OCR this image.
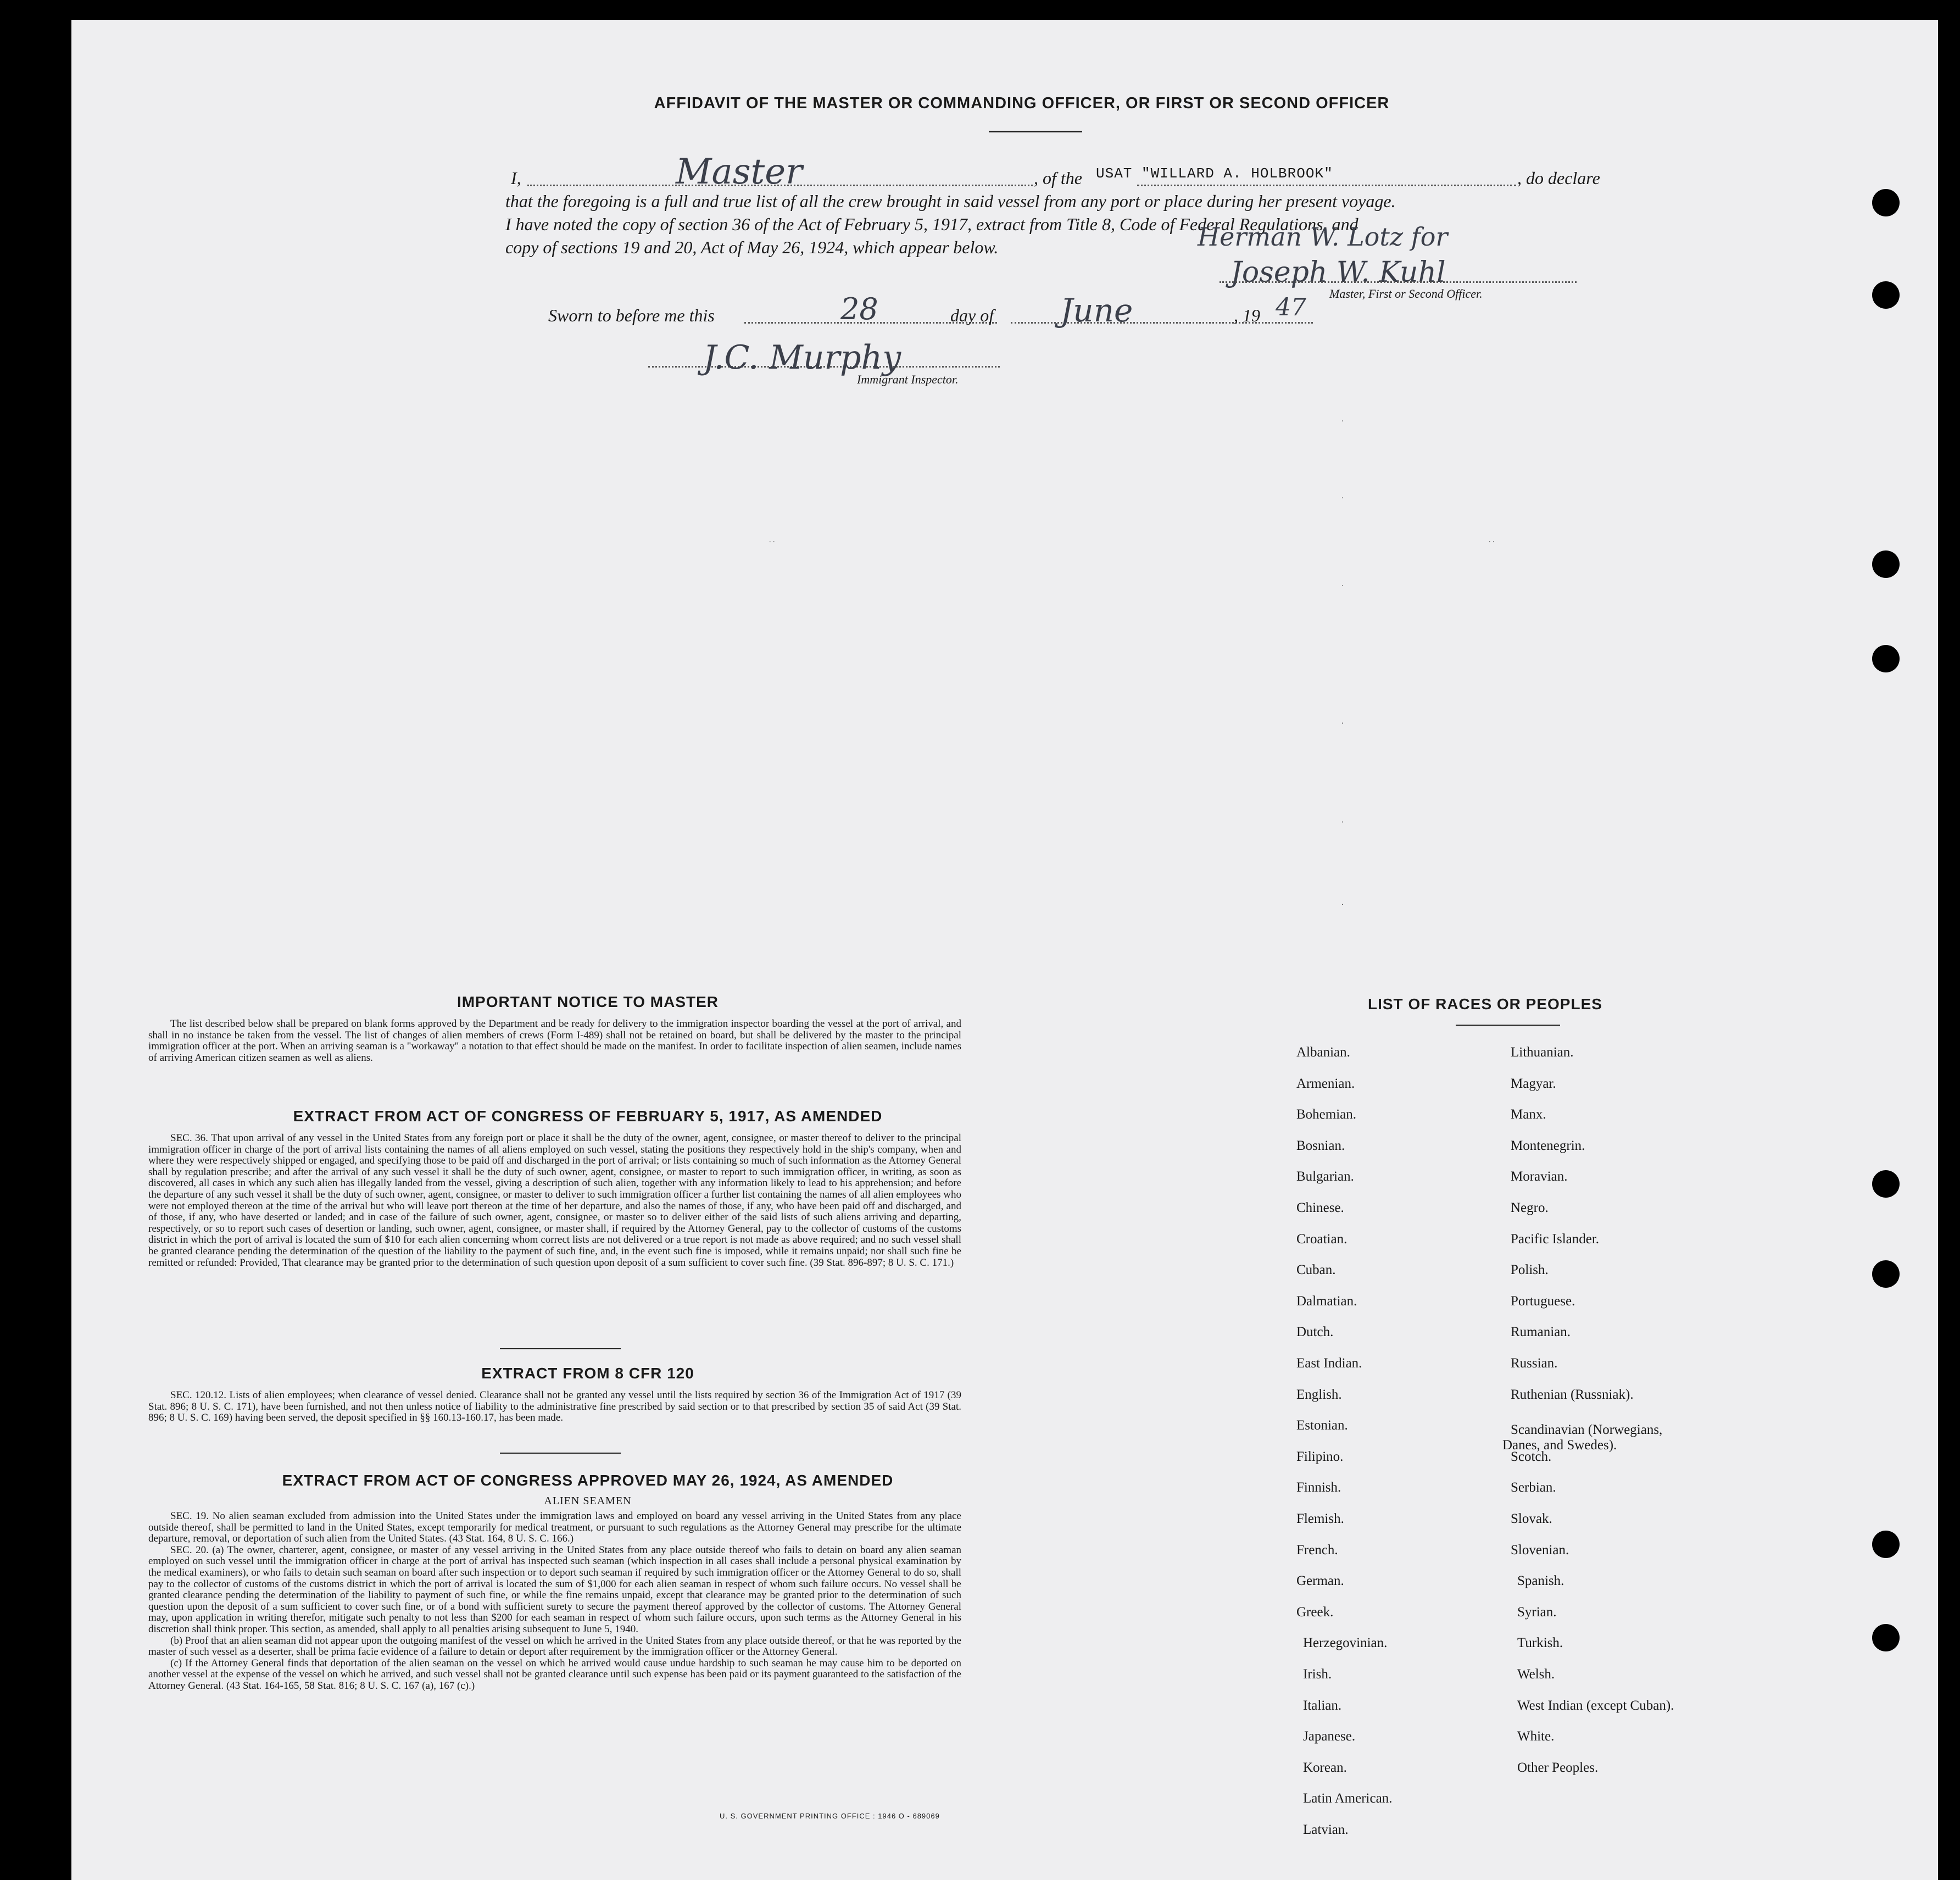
AFFIDAVIT OF THE MASTER OR COMMANDING OFFICER, OR FIRST OR SECOND OFFICER
I,	Master	, of the USAT "WILLARD A. HOLBROOK"	, do declare
that the foregoing is a full and true list of all the crew brought in said vessel from any port or place during her present voyage.
I have noted the copy of section 36 of the Act of February 5, 1917, extract from Title 8, Code of Federal Regulations, and
copy of sections 19 and 20, Act of May 26, 1924, which appear below.	Herman W. Lotz for
Joseph W. Kuhl
Master, First or Second Officer.
Sworn to before me this	28	day of June	, 19 47
J.C. Murphy
Immigrant Inspector.
IMPORTANT NOTICE TO MASTER

The list described below shall be prepared on blank forms approved by the Department and be ready for delivery to the immigration inspector boarding the vessel at the port of arrival, and shall in no instance be taken from the vessel. The list of changes of alien members of crews (Form I-489) shall not be retained on board, but shall be delivered by the master to the principal immigration officer at the port. When an arriving seaman is a "workaway" a notation to that effect should be made on the manifest. In order to facilitate inspection of alien seamen, include names of arriving American citizen seamen as well as aliens.

EXTRACT FROM ACT OF CONGRESS OF FEBRUARY 5, 1917, AS AMENDED

SEC. 36. That upon arrival of any vessel in the United States from any foreign port or place it shall be the duty of the owner, agent, consignee, or master thereof to deliver to the principal immigration officer in charge of the port of arrival lists containing the names of all aliens employed on such vessel, stating the positions they respectively hold in the ship's company, when and where they were respectively shipped or engaged, and specifying those to be paid off and discharged in the port of arrival; or lists containing so much of such information as the Attorney General shall by regulation prescribe; and after the arrival of any such vessel it shall be the duty of such owner, agent, consignee, or master to report to such immigration officer, in writing, as soon as discovered, all cases in which any such alien has illegally landed from the vessel, giving a description of such alien, together with any information likely to lead to his apprehension; and before the departure of any such vessel it shall be the duty of such owner, agent, consignee, or master to deliver to such immigration officer a further list containing the names of all alien employees who were not employed thereon at the time of the arrival but who will leave port thereon at the time of her departure, and also the names of those, if any, who have been paid off and discharged, and of those, if any, who have deserted or landed; and in case of the failure of such owner, agent, consignee, or master so to deliver either of the said lists of such aliens arriving and departing, respectively, or so to report such cases of desertion or landing, such owner, agent, consignee, or master shall, if required by the Attorney General, pay to the collector of customs of the customs district in which the port of arrival is located the sum of $10 for each alien concerning whom correct lists are not delivered or a true report is not made as above required; and no such vessel shall be granted clearance pending the determination of the question of the liability to the payment of such fine, and, in the event such fine is imposed, while it remains unpaid; nor shall such fine be remitted or refunded: Provided, That clearance may be granted prior to the determination of such question upon deposit of a sum sufficient to cover such fine. (39 Stat. 896-897; 8 U. S. C. 171.)

EXTRACT FROM 8 CFR 120

SEC. 120.12. Lists of alien employees; when clearance of vessel denied. Clearance shall not be granted any vessel until the lists required by section 36 of the Immigration Act of 1917 (39 Stat. 896; 8 U. S. C. 171), have been furnished, and not then unless notice of liability to the administrative fine prescribed by said section or to that prescribed by section 35 of said Act (39 Stat. 896; 8 U. S. C. 169) having been served, the deposit specified in §§ 160.13-160.17, has been made.

EXTRACT FROM ACT OF CONGRESS APPROVED MAY 26, 1924, AS AMENDED
ALIEN SEAMEN

SEC. 19. No alien seaman excluded from admission into the United States under the immigration laws and employed on board any vessel arriving in the United States from any place outside thereof, shall be permitted to land in the United States, except temporarily for medical treatment, or pursuant to such regulations as the Attorney General may prescribe for the ultimate departure, removal, or deportation of such alien from the United States. (43 Stat. 164, 8 U. S. C. 166.)

SEC. 20. (a) The owner, charterer, agent, consignee, or master of any vessel arriving in the United States from any place outside thereof who fails to detain on board any alien seaman employed on such vessel until the immigration officer in charge at the port of arrival has inspected such seaman (which inspection in all cases shall include a personal physical examination by the medical examiners), or who fails to detain such seaman on board after such inspection or to deport such seaman if required by such immigration officer or the Attorney General to do so, shall pay to the collector of customs of the customs district in which the port of arrival is located the sum of $1,000 for each alien seaman in respect of whom such failure occurs. No vessel shall be granted clearance pending the determination of the liability to payment of such fine, or while the fine remains unpaid, except that clearance may be granted prior to the determination of such question upon the deposit of a sum sufficient to cover such fine, or of a bond with sufficient surety to secure the payment thereof approved by the collector of customs. The Attorney General may, upon application in writing therefor, mitigate such penalty to not less than $200 for each seaman in respect of whom such failure occurs, upon such terms as the Attorney General in his discretion shall think proper. This section, as amended, shall apply to all penalties arising subsequent to June 5, 1940.

(b) Proof that an alien seaman did not appear upon the outgoing manifest of the vessel on which he arrived in the United States from any place outside thereof, or that he was reported by the master of such vessel as a deserter, shall be prima facie evidence of a failure to detain or deport after requirement by the immigration officer or the Attorney General.

(c) If the Attorney General finds that deportation of the alien seaman on the vessel on which he arrived would cause undue hardship to such seaman he may cause him to be deported on another vessel at the expense of the vessel on which he arrived, and such vessel shall not be granted clearance until such expense has been paid or its payment guaranteed to the satisfaction of the Attorney General. (43 Stat. 164-165, 58 Stat. 816; 8 U. S. C. 167 (a), 167 (c).)

U. S. GOVERNMENT PRINTING OFFICE : 1946 O - 689069
LIST OF RACES OR PEOPLES
Albanian.
Armenian.
Bohemian.
Bosnian.
Bulgarian.
Chinese.
Croatian.
Cuban.
Dalmatian.
Dutch.
East Indian.
English.
Estonian.
Filipino.
Finnish.
Flemish.
French.
German.
Greek.
Herzegovinian.
Irish.
Italian.
Japanese.
Korean.
Latin American.
Latvian.
Lithuanian.
Magyar.
Manx.
Montenegrin.
Moravian.
Negro.
Pacific Islander.
Polish.
Portuguese.
Rumanian.
Russian.
Ruthenian (Russniak).
Scandinavian (Norwegians,
Danes, and Swedes).
Scotch.
Serbian.
Slovak.
Slovenian.
Spanish.
Syrian.
Turkish.
Welsh.
West Indian (except Cuban).
White.
Other Peoples.
.
.
.
.
.
.
. .	. .
